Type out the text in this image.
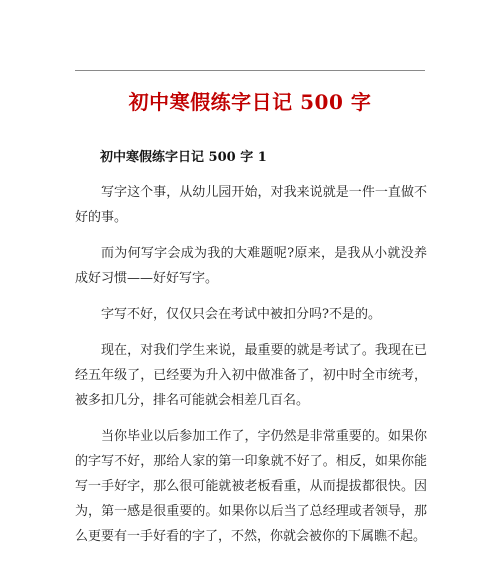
初中寒假练字日记 500 字
初中寒假练字日记 500 字 1

写字这个事，从幼儿园开始，对我来说就是一件一直做不好的事。

而为何写字会成为我的大难题呢?原来，是我从小就没养成好习惯——好好写字。

字写不好，仅仅只会在考试中被扣分吗?不是的。

现在，对我们学生来说，最重要的就是考试了。我现在已经五年级了，已经要为升入初中做准备了，初中时全市统考，被多扣几分，排名可能就会相差几百名。

当你毕业以后参加工作了，字仍然是非常重要的。如果你的字写不好，那给人家的第一印象就不好了。相反，如果你能写一手好字，那么很可能就被老板看重，从而提拔都很快。因为，第一感是很重要的。如果你以后当了总经理或者领导，那么更要有一手好看的字了，不然，你就会被你的下属瞧不起。
